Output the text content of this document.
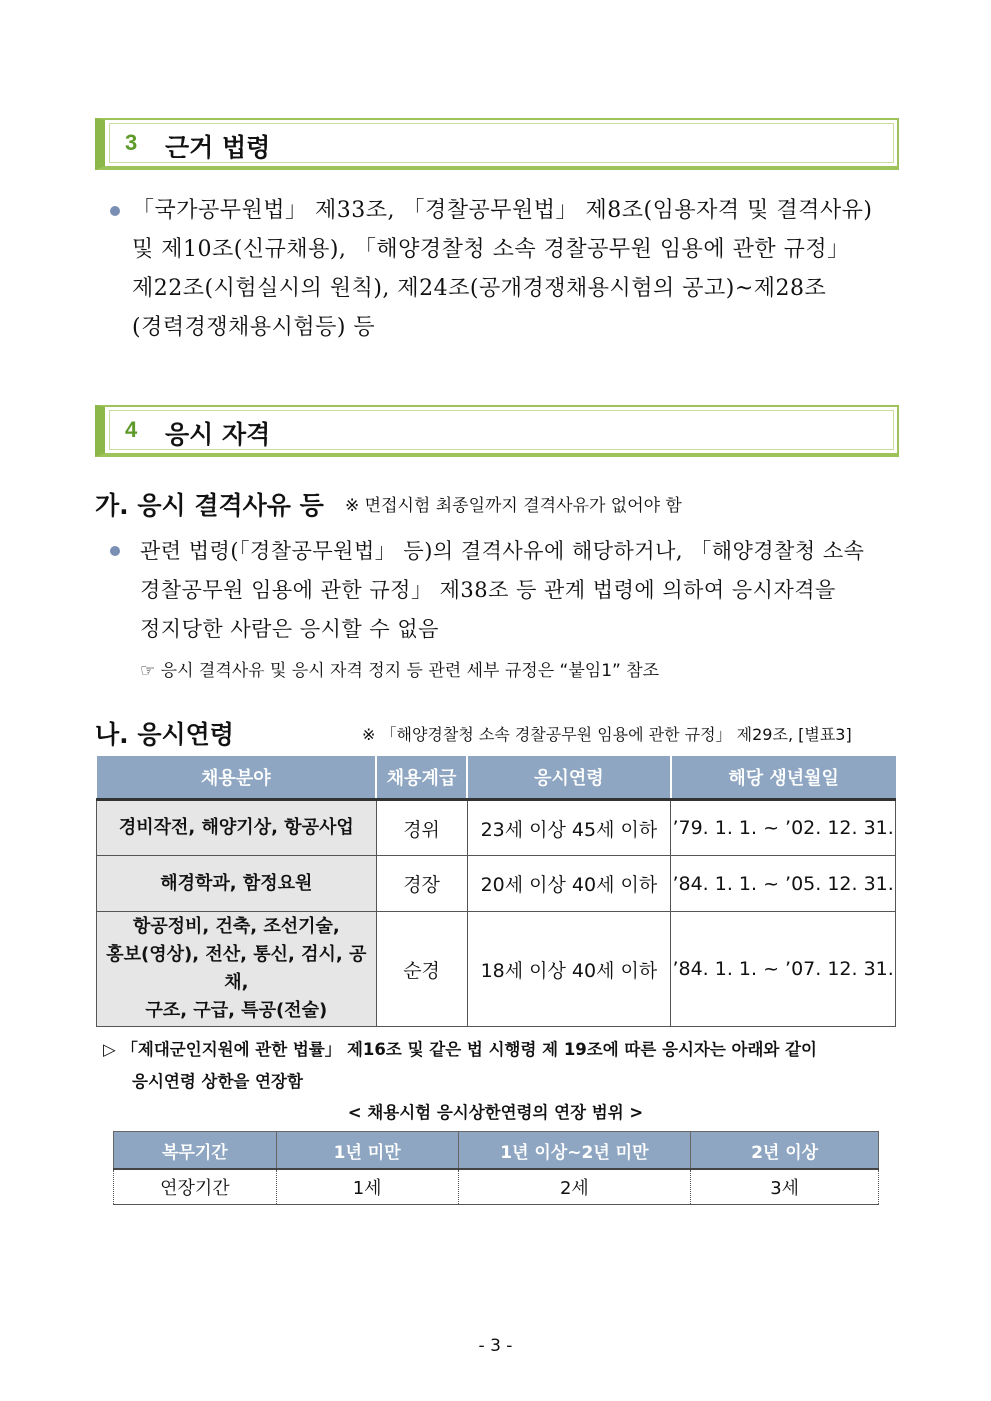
3 근거 법령
「국가공무원법」 제33조, 「경찰공무원법」 제8조(임용자격 및 결격사유)
및 제10조(신규채용), 「해양경찰청 소속 경찰공무원 임용에 관한 규정」
제22조(시험실시의 원칙), 제24조(공개경쟁채용시험의 공고)~제28조
(경력경쟁채용시험등) 등
4 응시 자격
가. 응시 결격사유 등 ※ 면접시험 최종일까지 결격사유가 없어야 함
관련 법령(「경찰공무원법」 등)의 결격사유에 해당하거나, 「해양경찰청 소속
경찰공무원 임용에 관한 규정」 제38조 등 관계 법령에 의하여 응시자격을
정지당한 사람은 응시할 수 없음
☞ 응시 결격사유 및 응시 자격 정지 등 관련 세부 규정은 “붙임1” 참조
나. 응시연령	※ 「해양경찰청 소속 경찰공무원 임용에 관한 규정」 제29조, [별표3]
채용분야	채용계급	응시연령	해당 생년월일
경비작전, 해양기상, 항공사업	경위	23세 이상 45세 이하	’79. 1. 1. ~ ’02. 12. 31.
해경학과, 함정요원	경장	20세 이상 40세 이하	’84. 1. 1. ~ ’05. 12. 31.

항공정비, 건축, 조선기술,
홍보(영상), 전산, 통신, 검시, 공채,
구조, 구급, 특공(전술)	순경	18세 이상 40세 이하	’84. 1. 1. ~ ’07. 12. 31.
▷ 「제대군인지원에 관한 법률」 제16조 및 같은 법 시행령 제 19조에 따른 응시자는 아래와 같이
응시연령 상한을 연장함
< 채용시험 응시상한연령의 연장 범위 >
복무기간	1년 미만	1년 이상~2년 미만	2년 이상
연장기간	1세	2세	3세
- 3 -
